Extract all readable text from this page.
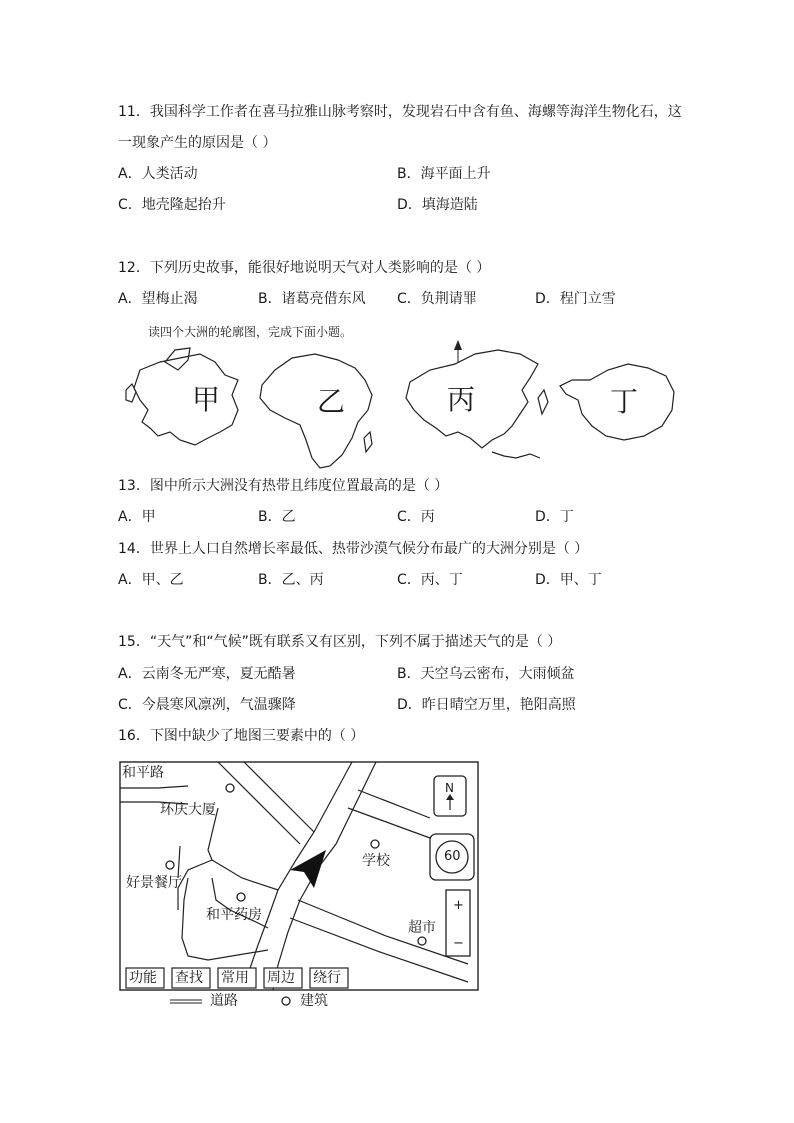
11．我国科学工作者在喜马拉雅山脉考察时，发现岩石中含有鱼、海螺等海洋生物化石，这
一现象产生的原因是（ ）
A．人类活动	B．海平面上升
C．地壳隆起抬升	D．填海造陆
12．下列历史故事，能很好地说明天气对人类影响的是（ ）
A．望梅止渴	B．诸葛亮借东风 C．负荆请罪	D．程门立雪
读四个大洲的轮廓图，完成下面小题。
甲	乙	丙	丁
13．图中所示大洲没有热带且纬度位置最高的是（ ）
A．甲	B．乙	C．丙	D．丁
14．世界上人口自然增长率最低、热带沙漠气候分布最广的大洲分别是（ ）
A．甲、乙	B．乙、丙	C．丙、丁	D．甲、丁
15．“天气”和“气候”既有联系又有区别，下列不属于描述天气的是（ ）
A．云南冬无严寒，夏无酷暑	B．天空乌云密布，大雨倾盆
C．今晨寒风凛冽，气温骤降	D．昨日晴空万里，艳阳高照
16．下图中缺少了地图三要素中的（ ）
和平路
环庆大厦
好景餐厅
和平药房
学校
超市
N
60
+
−
功能 查找 常用 周边 绕行
道路	建筑
